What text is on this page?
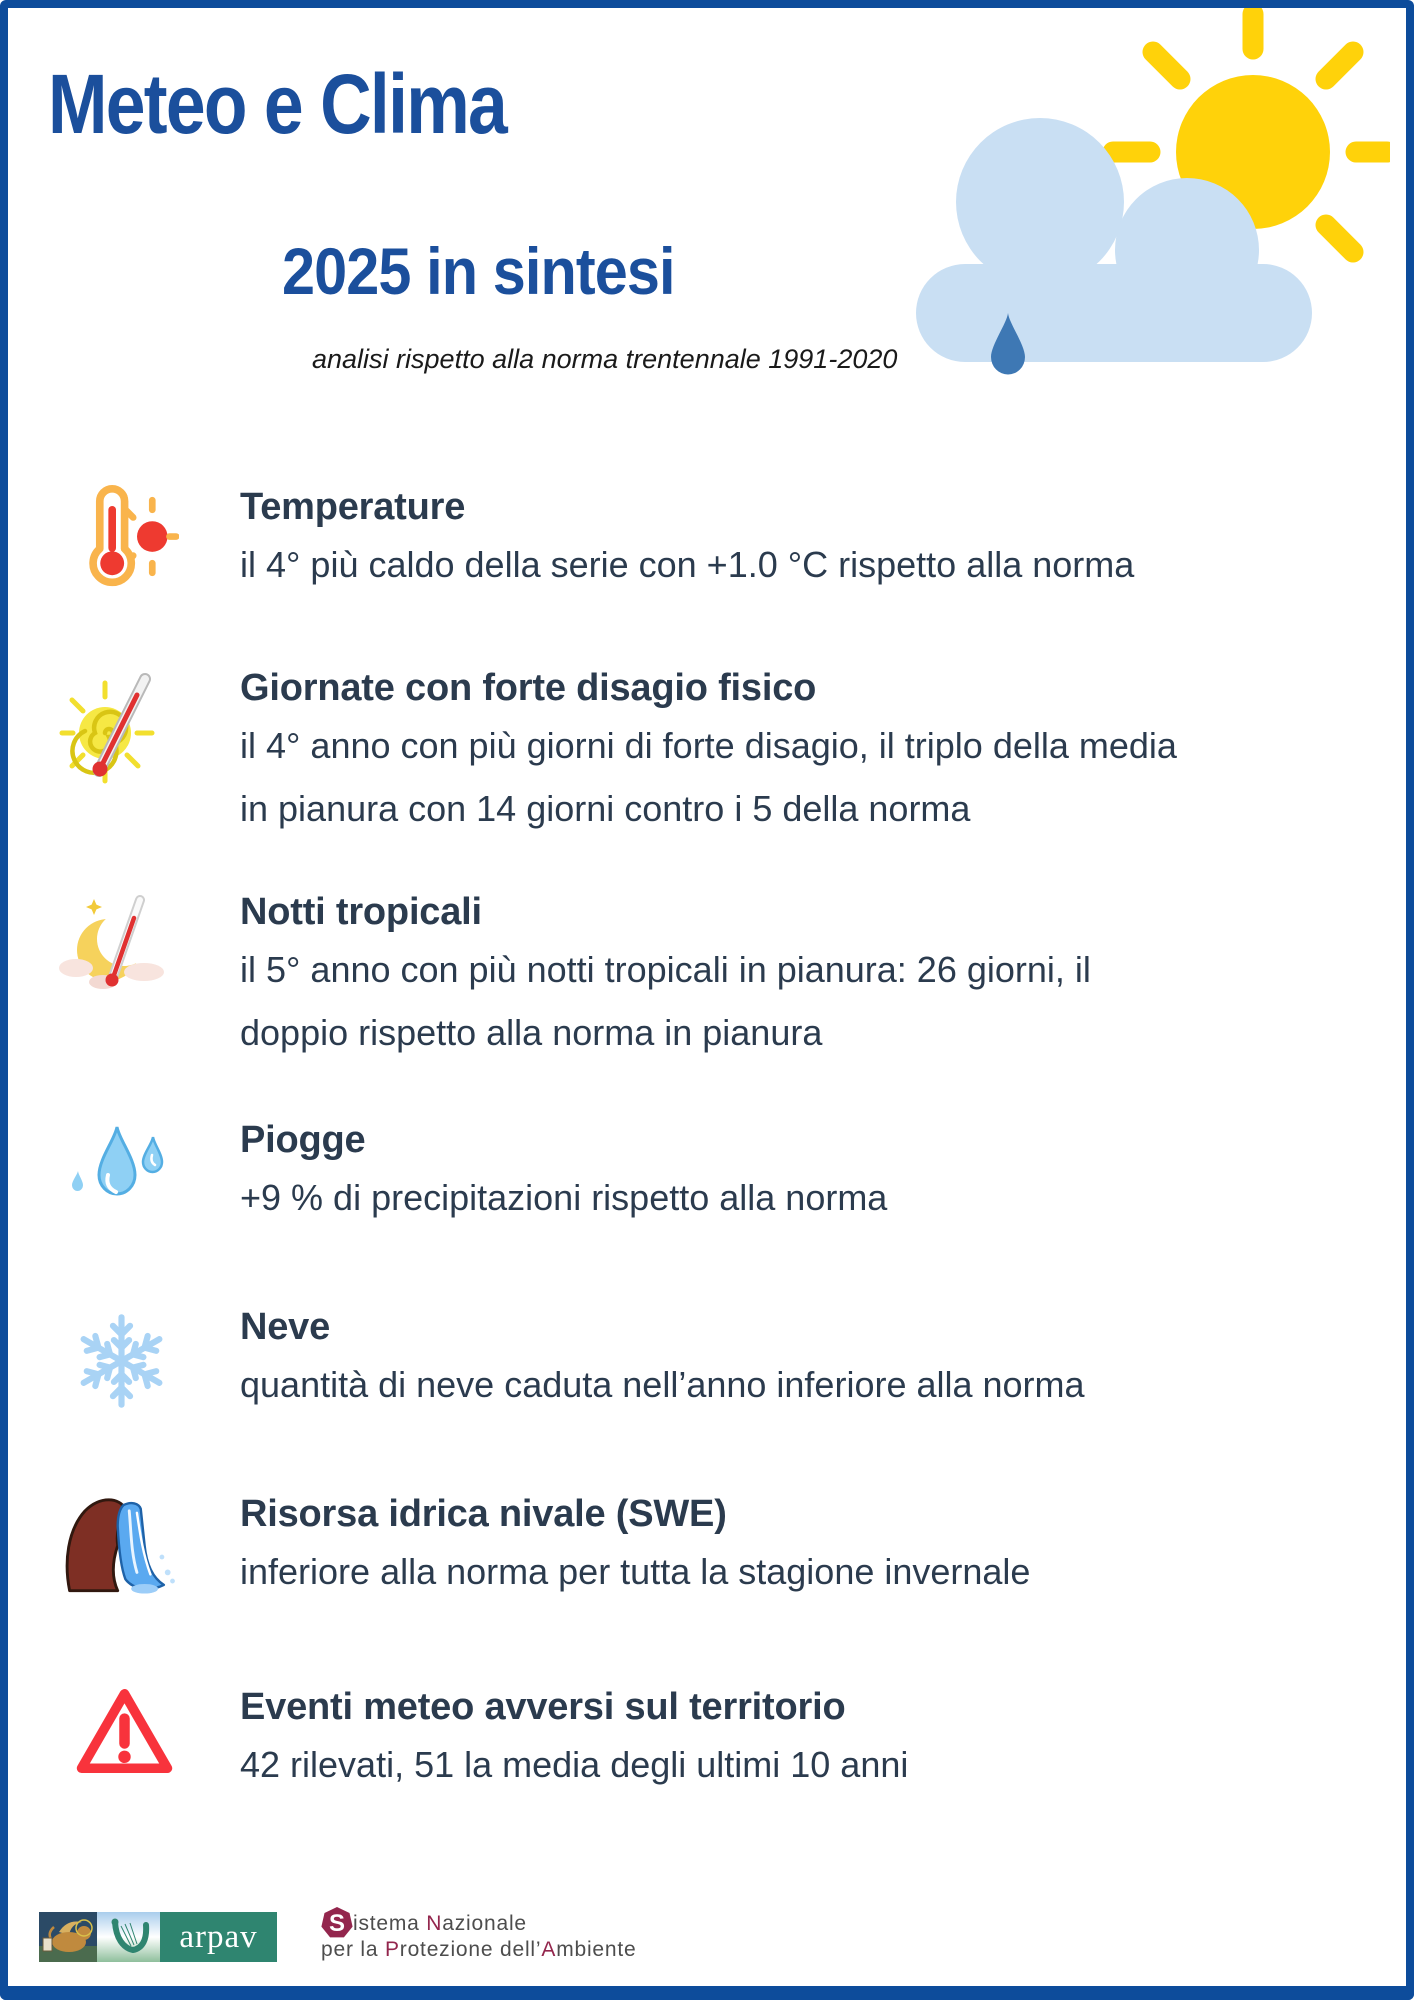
Meteo e Clima
2025 in sintesi
analisi rispetto alla norma trentennale 1991-2020
Temperature

il 4° più caldo della serie con +1.0 °C rispetto alla norma

Giornate con forte disagio fisico

il 4° anno con più giorni di forte disagio, il triplo della media

in pianura con 14 giorni contro i 5 della norma

Notti tropicali

il 5° anno con più notti tropicali in pianura: 26 giorni, il

doppio rispetto alla norma in pianura

Piogge

+9 % di precipitazioni rispetto alla norma

Neve

quantità di neve caduta nell’anno inferiore alla norma

Risorsa idrica nivale (SWE)

inferiore alla norma per tutta la stagione invernale

Eventi meteo avversi sul territorio

42 rilevati, 51 la media degli ultimi 10 anni

arpav	S istema Nazionale
per la Protezione dell’Ambiente
